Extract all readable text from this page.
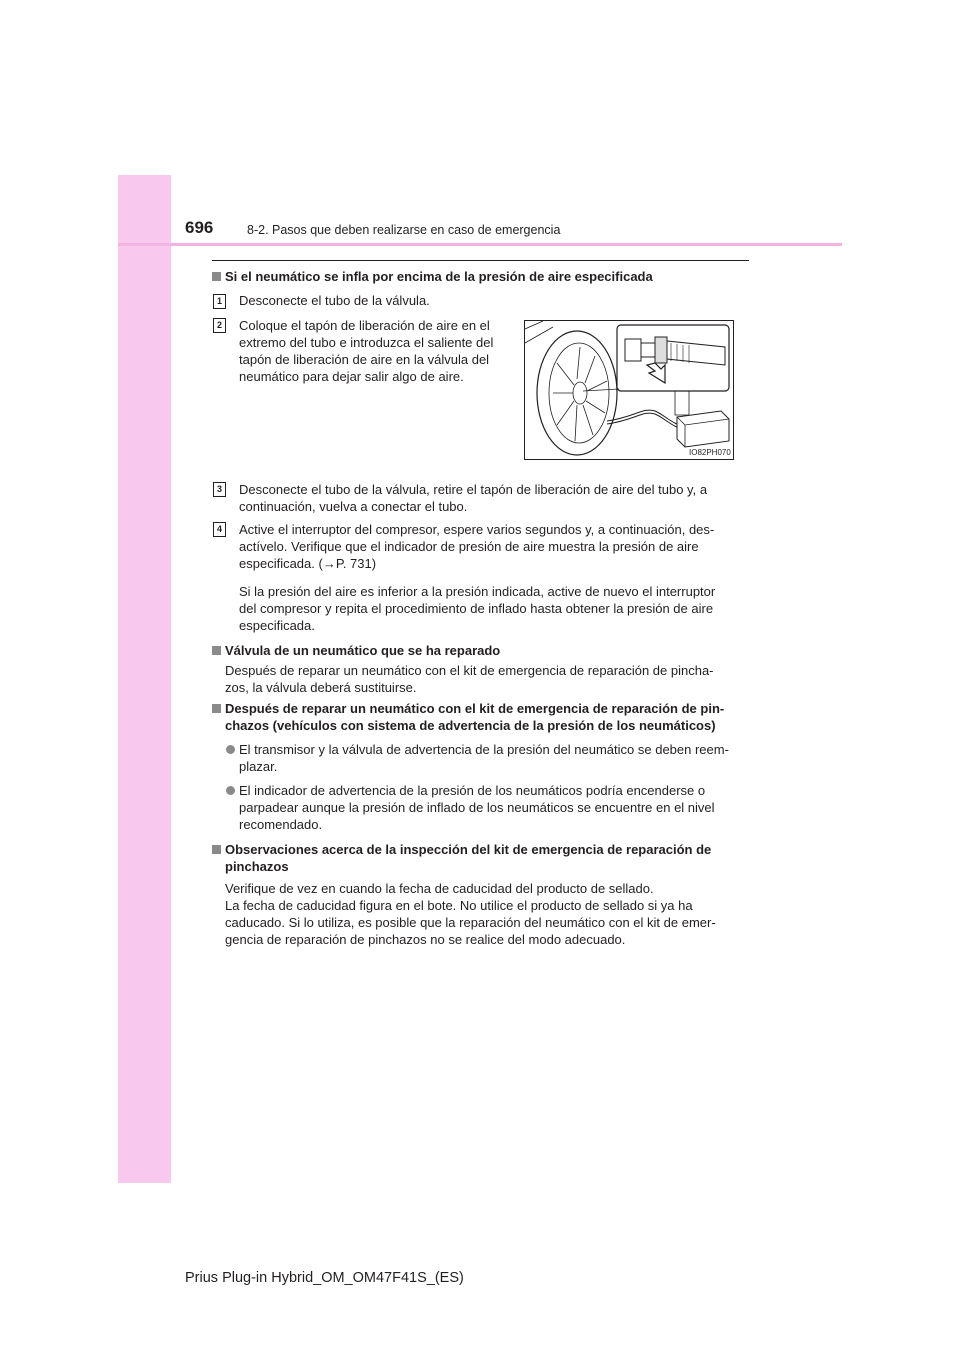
696	8-2. Pasos que deben realizarse en caso de emergencia
Si el neumático se infla por encima de la presión de aire especificada
1	Desconecte el tubo de la válvula.
2	Coloque el tapón de liberación de aire en el
extremo del tubo e introduzca el saliente del
tapón de liberación de aire en la válvula del
neumático para dejar salir algo de aire.
IO82PH070
3	Desconecte el tubo de la válvula, retire el tapón de liberación de aire del tubo y, a
continuación, vuelva a conectar el tubo.
4	Active el interruptor del compresor, espere varios segundos y, a continuación, des-
actívelo. Verifique que el indicador de presión de aire muestra la presión de aire
especificada. (→P. 731)
Si la presión del aire es inferior a la presión indicada, active de nuevo el interruptor
del compresor y repita el procedimiento de inflado hasta obtener la presión de aire
especificada.
Válvula de un neumático que se ha reparado
Después de reparar un neumático con el kit de emergencia de reparación de pincha-
zos, la válvula deberá sustituirse.
Después de reparar un neumático con el kit de emergencia de reparación de pin-
chazos (vehículos con sistema de advertencia de la presión de los neumáticos)
El transmisor y la válvula de advertencia de la presión del neumático se deben reem-
plazar.
El indicador de advertencia de la presión de los neumáticos podría encenderse o
parpadear aunque la presión de inflado de los neumáticos se encuentre en el nivel
recomendado.
Observaciones acerca de la inspección del kit de emergencia de reparación de
pinchazos
Verifique de vez en cuando la fecha de caducidad del producto de sellado.
La fecha de caducidad figura en el bote. No utilice el producto de sellado si ya ha
caducado. Si lo utiliza, es posible que la reparación del neumático con el kit de emer-
gencia de reparación de pinchazos no se realice del modo adecuado.
Prius Plug-in Hybrid_OM_OM47F41S_(ES)
